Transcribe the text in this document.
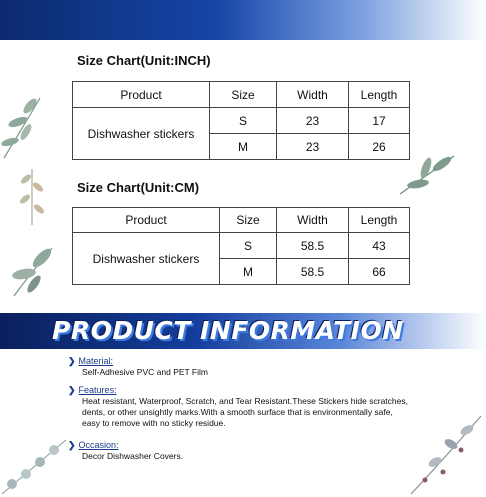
Size Chart(Unit:INCH)
Product	Size	Width	Length
Dishwasher stickers	S	23	17
	M	23	26
Size Chart(Unit:CM)
Product	Size	Width	Length
Dishwasher stickers	S	58.5	43
	M	58.5	66
PRODUCT INFORMATION
❯ Material:
Self-Adhesive PVC and PET Film
❯ Features:
Heat resistant, Waterproof, Scratch, and Tear Resistant.These Stickers hide scratches, dents, or other unsightly marks.With a smooth surface that is environmentally safe, easy to remove with no sticky residue.
❯ Occasion:
Decor Dishwasher Covers.
